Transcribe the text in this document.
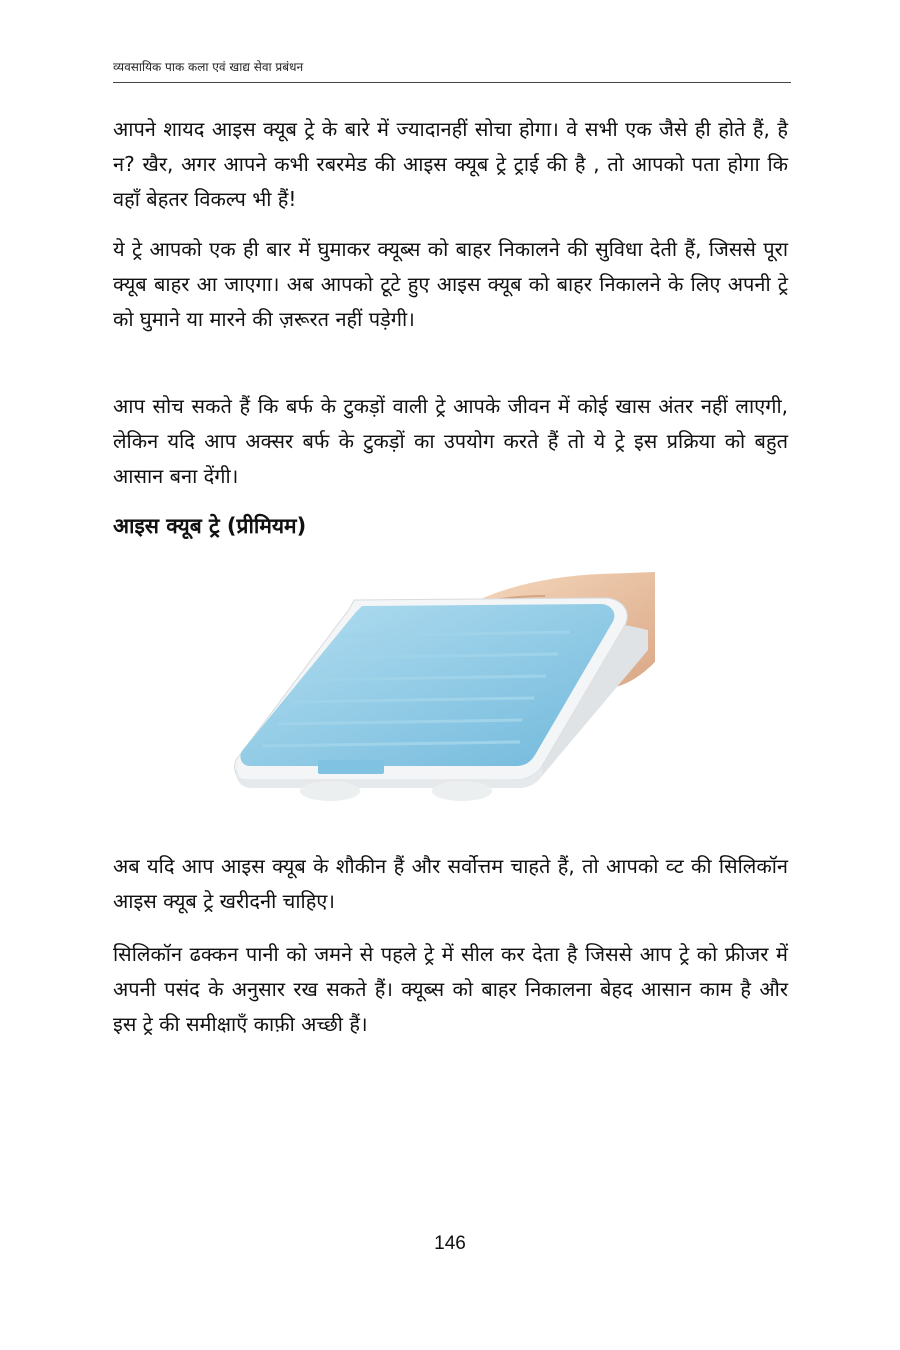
व्यवसायिक पाक कला एवं खाद्य सेवा प्रबंधन

आपने शायद आइस क्यूब ट्रे के बारे में ज्यादानहीं सोचा होगा। वे सभी एक जैसे ही होते हैं, है न? खैर, अगर आपने कभी रबरमेड की आइस क्यूब ट्रे ट्राई की है , तो आपको पता होगा कि वहाँ बेहतर विकल्प भी हैं!

ये ट्रे आपको एक ही बार में घुमाकर क्यूब्स को बाहर निकालने की सुविधा देती हैं, जिससे पूरा क्यूब बाहर आ जाएगा। अब आपको टूटे हुए आइस क्यूब को बाहर निकालने के लिए अपनी ट्रे को घुमाने या मारने की ज़रूरत नहीं पड़ेगी।

आप सोच सकते हैं कि बर्फ के टुकड़ों वाली ट्रे आपके जीवन में कोई खास अंतर नहीं लाएगी, लेकिन यदि आप अक्सर बर्फ के टुकड़ों का उपयोग करते हैं तो ये ट्रे इस प्रक्रिया को बहुत आसान बना देंगी।

आइस क्यूब ट्रे (प्रीमियम)

अब यदि आप आइस क्यूब के शौकीन हैं और सर्वोत्तम चाहते हैं, तो आपको व्ट की सिलिकॉन आइस क्यूब ट्रे खरीदनी चाहिए।

सिलिकॉन ढक्कन पानी को जमने से पहले ट्रे में सील कर देता है जिससे आप ट्रे को फ्रीजर में अपनी पसंद के अनुसार रख सकते हैं। क्यूब्स को बाहर निकालना बेहद आसान काम है और इस ट्रे की समीक्षाएँ काफ़ी अच्छी हैं।

146
